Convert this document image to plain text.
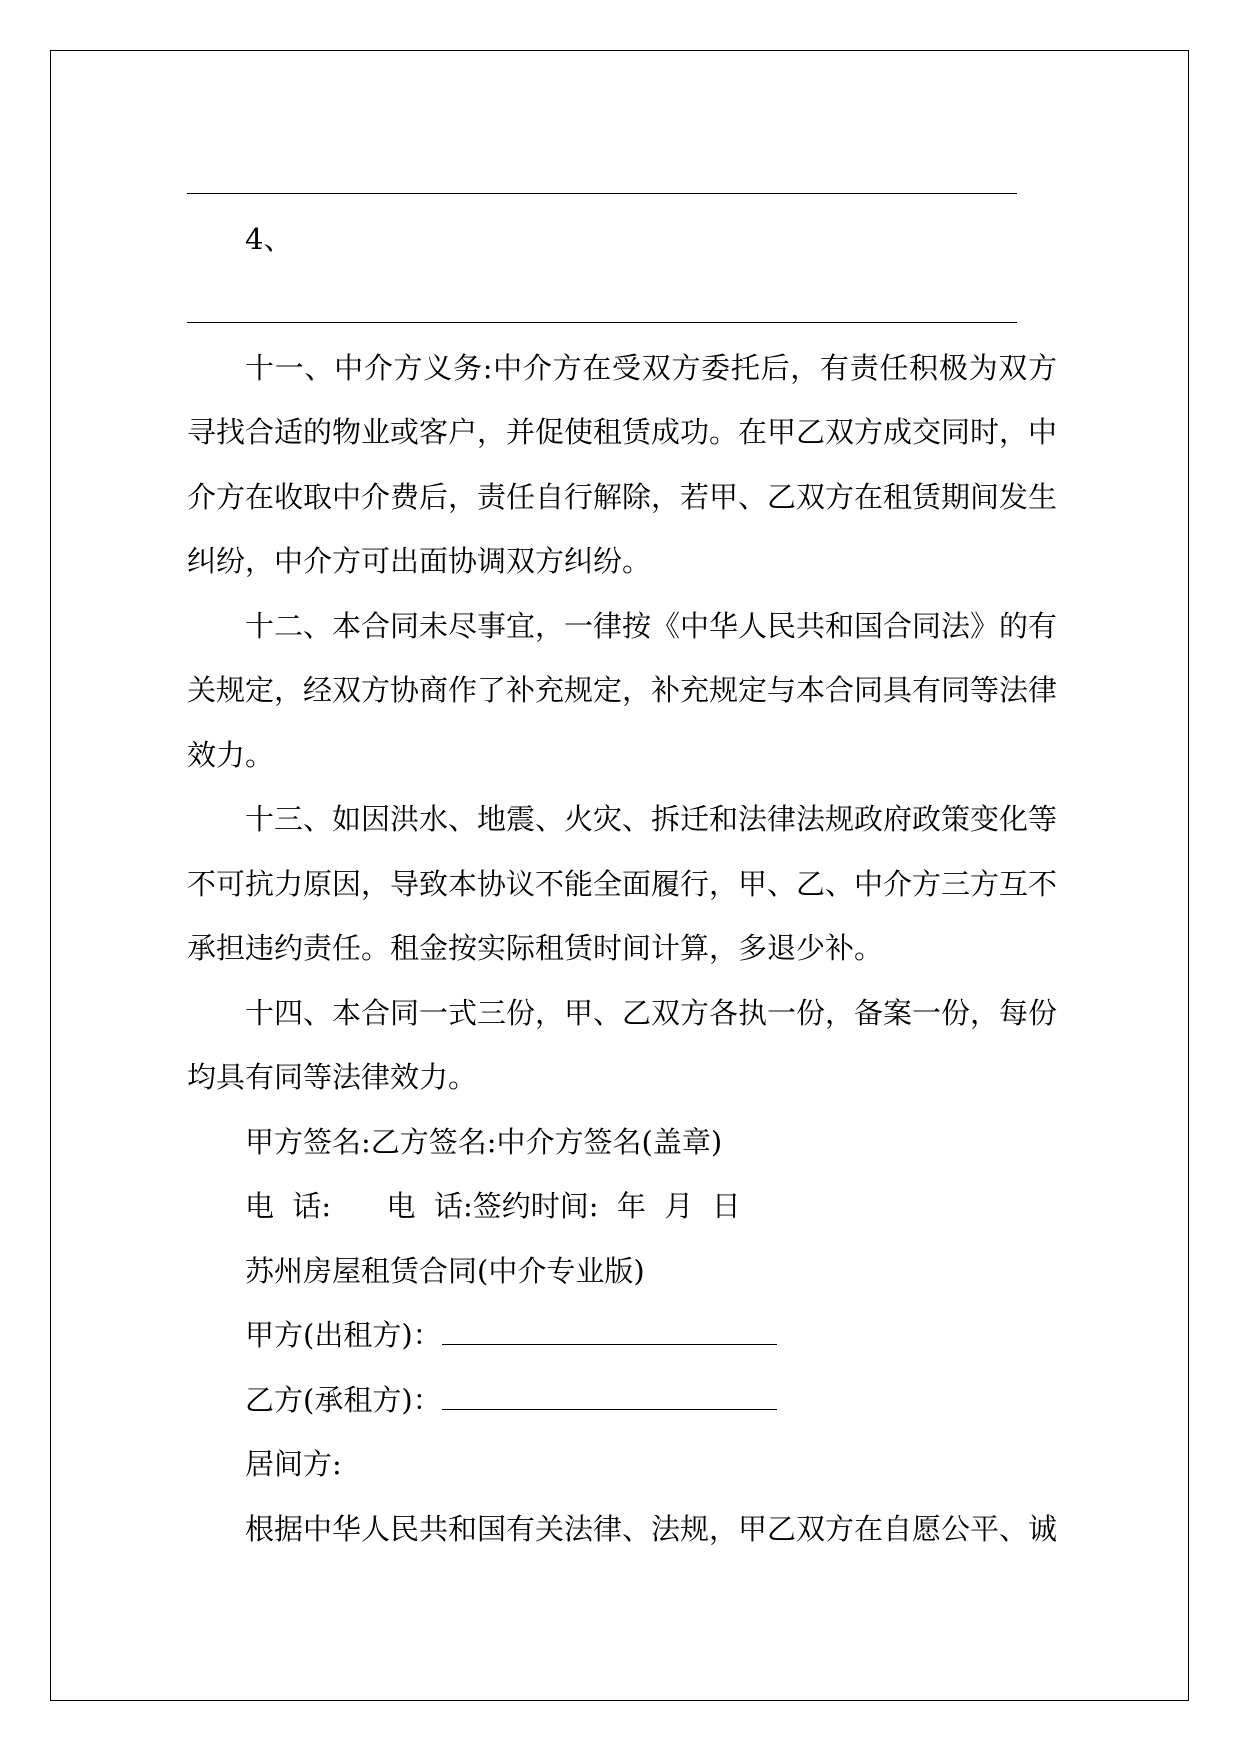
4、

十一、中介方义务:中介方在受双方委托后，有责任积极为双方寻找合适的物业或客户，并促使租赁成功。在甲乙双方成交同时，中介方在收取中介费后，责任自行解除，若甲、乙双方在租赁期间发生纠纷，中介方可出面协调双方纠纷。

十二、本合同未尽事宜，一律按《中华人民共和国合同法》的有关规定，经双方协商作了补充规定，补充规定与本合同具有同等法律效力。

十三、如因洪水、地震、火灾、拆迁和法律法规政府政策变化等不可抗力原因，导致本协议不能全面履行，甲、乙、中介方三方互不承担违约责任。租金按实际租赁时间计算，多退少补。

十四、本合同一式三份，甲、乙双方各执一份，备案一份，每份均具有同等法律效力。

甲方签名:乙方签名:中介方签名(盖章)

电  话:      电  话:签约时间:  年  月  日

苏州房屋租赁合同(中介专业版)

甲方(出租方)：

乙方(承租方)：

居间方:

根据中华人民共和国有关法律、法规，甲乙双方在自愿公平、诚
